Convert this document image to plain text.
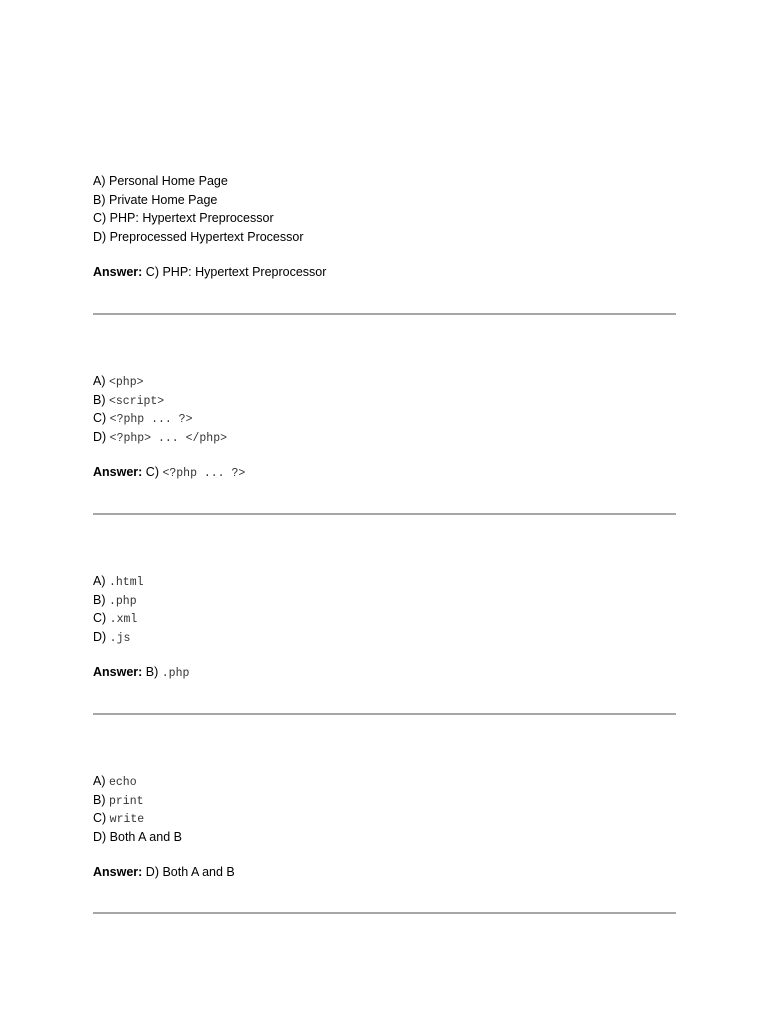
A) Personal Home Page
B) Private Home Page
C) PHP: Hypertext Preprocessor
D) Preprocessed Hypertext Processor
Answer: C) PHP: Hypertext Preprocessor
A) <php>
B) <script>
C) <?php ... ?>
D) <?php> ... </php>
Answer: C) <?php ... ?>
A) .html
B) .php
C) .xml
D) .js
Answer: B) .php
A) echo
B) print
C) write
D) Both A and B
Answer: D) Both A and B
